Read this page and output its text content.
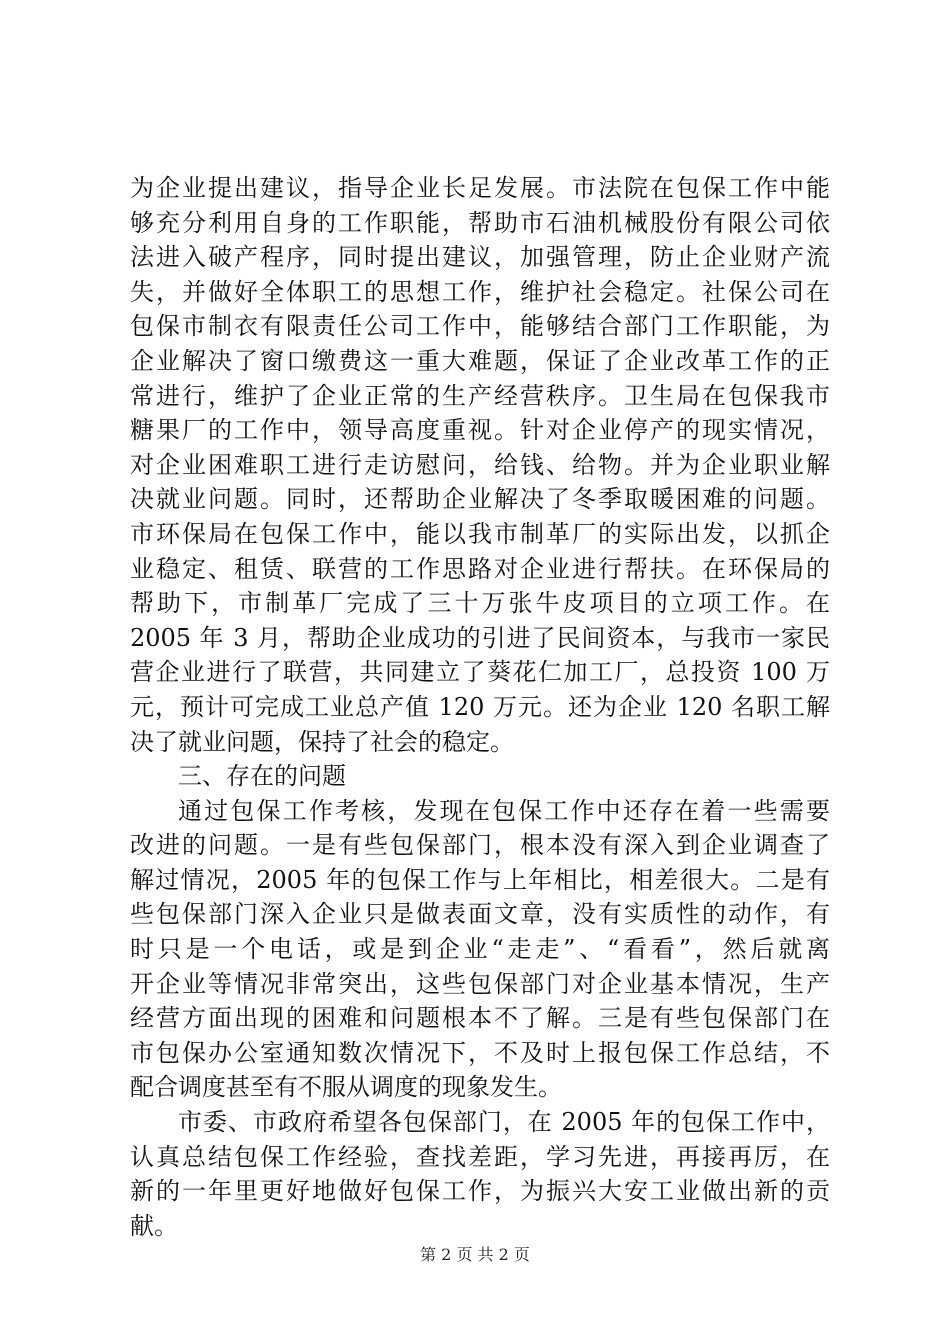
为企业提出建议，指导企业长足发展。市法院在包保工作中能
够充分利用自身的工作职能，帮助市石油机械股份有限公司依
法进入破产程序，同时提出建议，加强管理，防止企业财产流
失，并做好全体职工的思想工作，维护社会稳定。社保公司在
包保市制衣有限责任公司工作中，能够结合部门工作职能，为
企业解决了窗口缴费这一重大难题，保证了企业改革工作的正
常进行，维护了企业正常的生产经营秩序。卫生局在包保我市
糖果厂的工作中，领导高度重视。针对企业停产的现实情况，
对企业困难职工进行走访慰问，给钱、给物。并为企业职业解
决就业问题。同时，还帮助企业解决了冬季取暖困难的问题。
市环保局在包保工作中，能以我市制革厂的实际出发，以抓企
业稳定、租赁、联营的工作思路对企业进行帮扶。在环保局的
帮助下，市制革厂完成了三十万张牛皮项目的立项工作。在
2005 年 3 月，帮助企业成功的引进了民间资本，与我市一家民
营企业进行了联营，共同建立了葵花仁加工厂，总投资 100 万
元，预计可完成工业总产值 120 万元。还为企业 120 名职工解
决了就业问题，保持了社会的稳定。
三、存在的问题
通过包保工作考核，发现在包保工作中还存在着一些需要
改进的问题。一是有些包保部门，根本没有深入到企业调查了
解过情况，2005 年的包保工作与上年相比，相差很大。二是有
些包保部门深入企业只是做表面文章，没有实质性的动作，有
时只是一个电话，或是到企业“走走”、“看看”，然后就离
开企业等情况非常突出，这些包保部门对企业基本情况，生产
经营方面出现的困难和问题根本不了解。三是有些包保部门在
市包保办公室通知数次情况下，不及时上报包保工作总结，不
配合调度甚至有不服从调度的现象发生。
市委、市政府希望各包保部门，在 2005 年的包保工作中，
认真总结包保工作经验，查找差距，学习先进，再接再厉，在
新的一年里更好地做好包保工作，为振兴大安工业做出新的贡
献。
第 2 页 共 2 页
